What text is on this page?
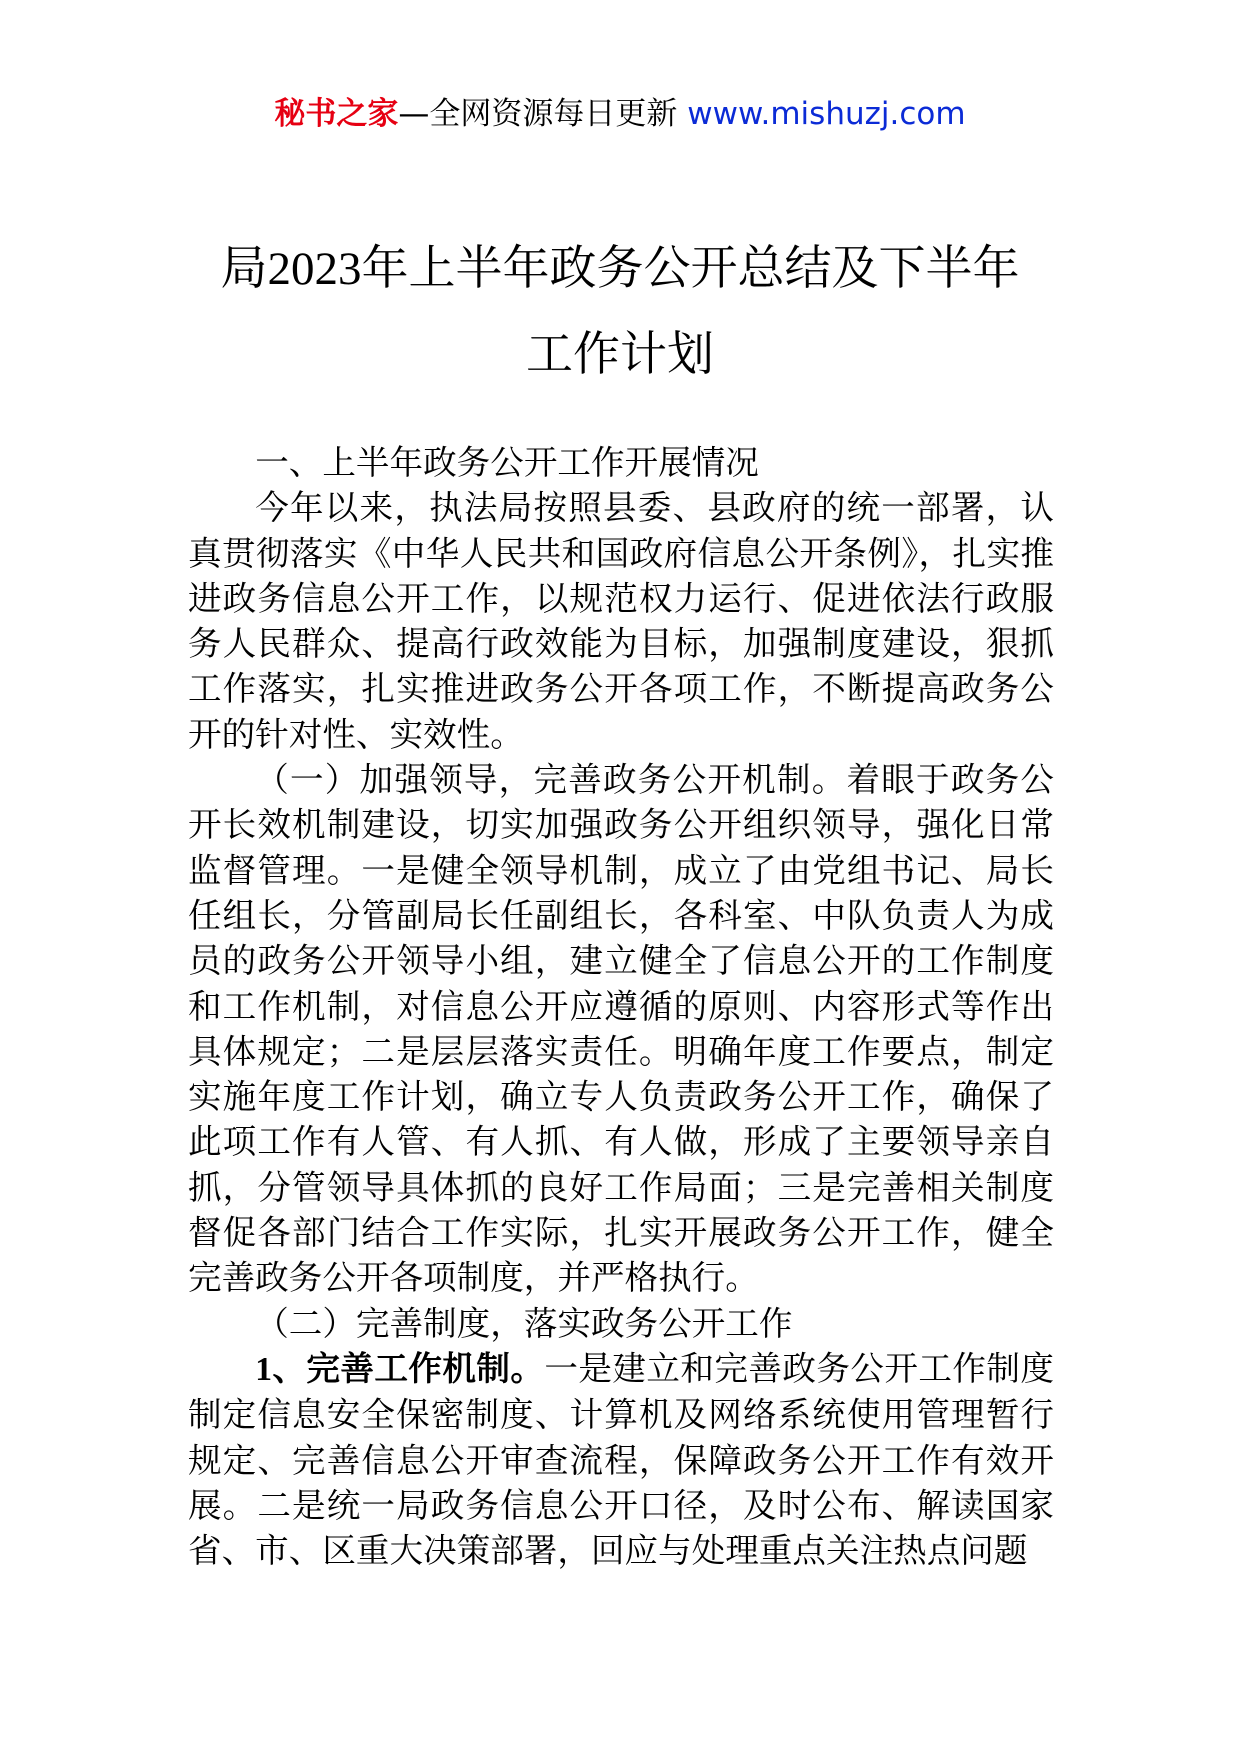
秘书之家—全网资源每日更新 www.mishuzj.com
局2023年上半年政务公开总结及下半年
工作计划

一、上半年政务公开工作开展情况

今年以来，执法局按照县委、县政府的统一部署，认真贯彻落实《中华人民共和国政府信息公开条例》，扎实推进政务信息公开工作，以规范权力运行、促进依法行政服务人民群众、提高行政效能为目标，加强制度建设，狠抓工作落实，扎实推进政务公开各项工作，不断提高政务公开的针对性、实效性。

（一）加强领导，完善政务公开机制。着眼于政务公开长效机制建设，切实加强政务公开组织领导，强化日常监督管理。一是健全领导机制，成立了由党组书记、局长任组长，分管副局长任副组长，各科室、中队负责人为成员的政务公开领导小组，建立健全了信息公开的工作制度和工作机制，对信息公开应遵循的原则、内容形式等作出具体规定；二是层层落实责任。明确年度工作要点，制定实施年度工作计划，确立专人负责政务公开工作，确保了此项工作有人管、有人抓、有人做，形成了主要领导亲自抓，分管领导具体抓的良好工作局面；三是完善相关制度督促各部门结合工作实际，扎实开展政务公开工作，健全完善政务公开各项制度，并严格执行。

（二）完善制度，落实政务公开工作

1、完善工作机制。一是建立和完善政务公开工作制度制定信息安全保密制度、计算机及网络系统使用管理暂行规定、完善信息公开审查流程，保障政务公开工作有效开展。二是统一局政务信息公开口径，及时公布、解读国家省、市、区重大决策部署，回应与处理重点关注热点问题
